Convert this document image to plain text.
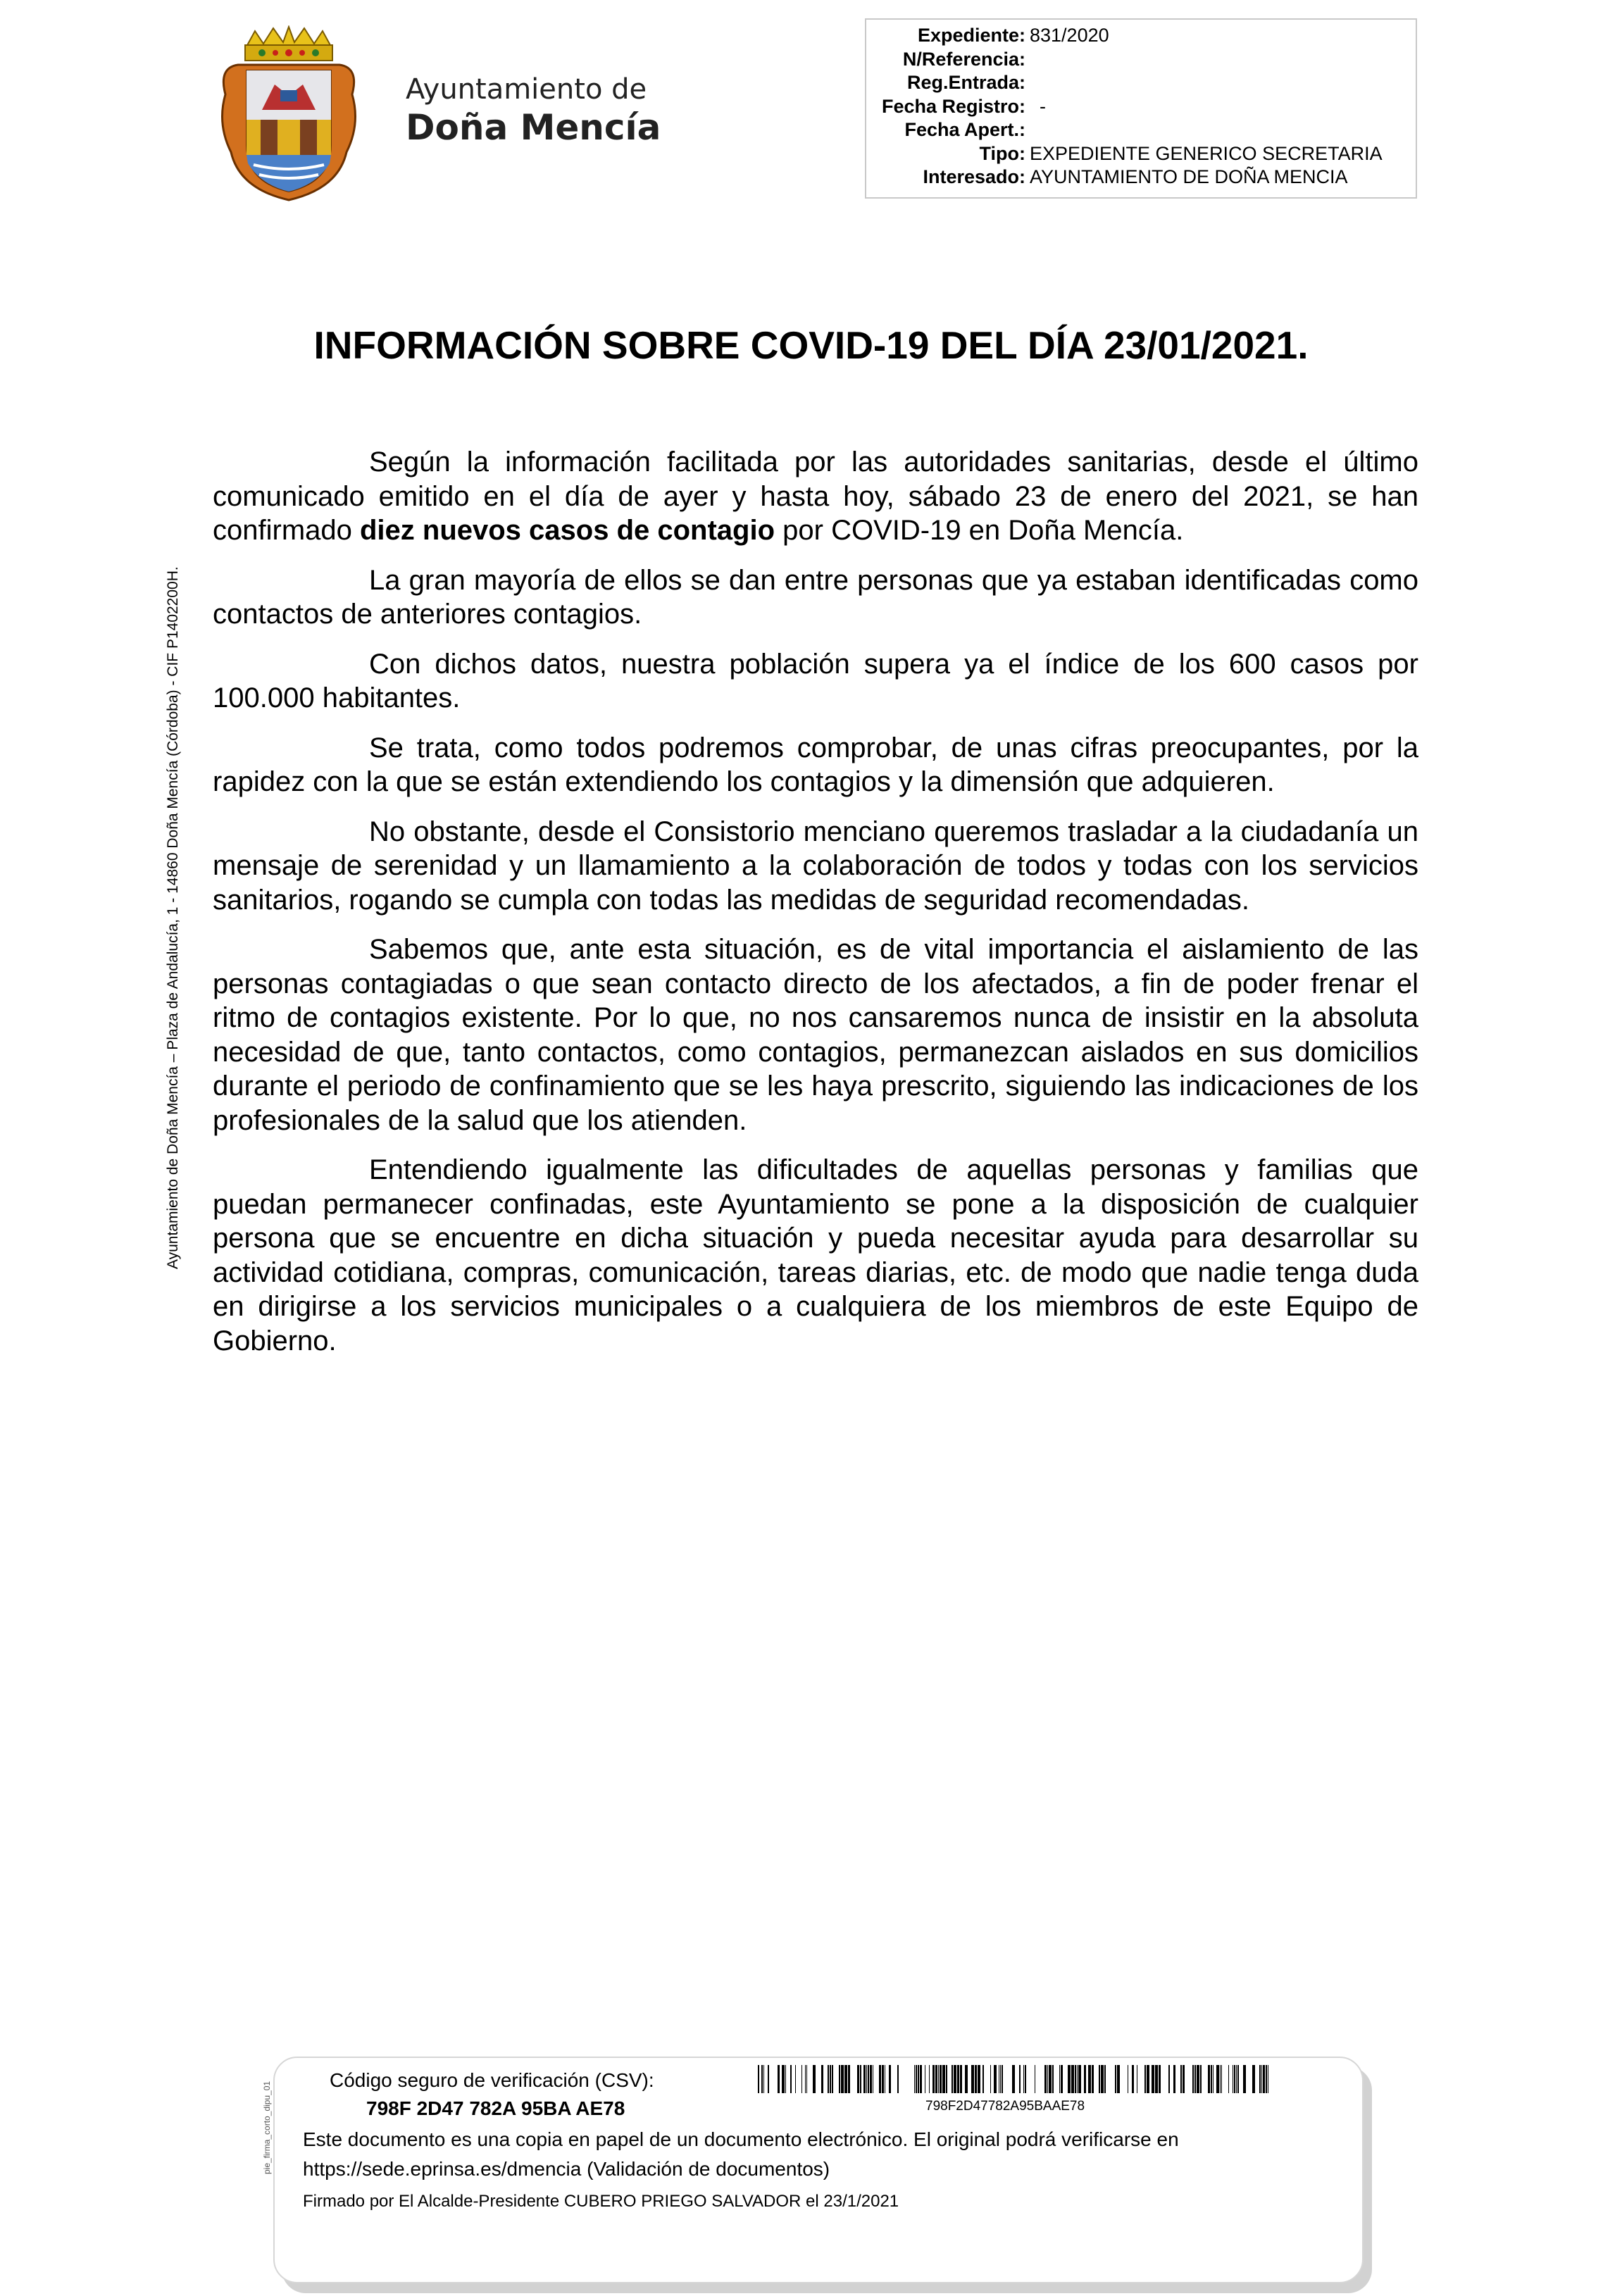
Ayuntamiento de
Doña Mencía
Expediente: 831/2020
N/Referencia:
Reg.Entrada:
Fecha Registro: -
Fecha Apert.:
Tipo: EXPEDIENTE GENERICO SECRETARIA
Interesado: AYUNTAMIENTO DE DOÑA MENCIA
INFORMACIÓN SOBRE COVID-19 DEL DÍA 23/01/2021.

Según la información facilitada por las autoridades sanitarias, desde el último comunicado emitido en el día de ayer y hasta hoy, sábado 23 de enero del 2021, se han confirmado diez nuevos casos de contagio por COVID-19 en Doña Mencía.

La gran mayoría de ellos se dan entre personas que ya estaban identificadas como contactos de anteriores contagios.

Con dichos datos, nuestra población supera ya el índice de los 600 casos por 100.000 habitantes.

Se trata, como todos podremos comprobar, de unas cifras preocupantes, por la rapidez con la que se están extendiendo los contagios y la dimensión que adquieren.

No obstante, desde el Consistorio menciano queremos trasladar a la ciudadanía un mensaje de serenidad y un llamamiento a la colaboración de todos y todas con los servicios sanitarios, rogando se cumpla con todas las medidas de seguridad recomendadas.

Sabemos que, ante esta situación, es de vital importancia el aislamiento de las personas contagiadas o que sean contacto directo de los afectados, a fin de poder frenar el ritmo de contagios existente. Por lo que, no nos cansaremos nunca de insistir en la absoluta necesidad de que, tanto contactos, como contagios, permanezcan aislados en sus domicilios durante el periodo de confinamiento que se les haya prescrito, siguiendo las indicaciones de los profesionales de la salud que los atienden.

Entendiendo igualmente las dificultades de aquellas personas y familias que puedan permanecer confinadas, este Ayuntamiento se pone a la disposición de cualquier persona que se encuentre en dicha situación y pueda necesitar ayuda para desarrollar su actividad cotidiana, compras, comunicación, tareas diarias, etc. de modo que nadie tenga duda en dirigirse a los servicios municipales o a cualquiera de los miembros de este Equipo de Gobierno.

Ayuntamiento de Doña Mencía – Plaza de Andalucía, 1 - 14860 Doña Mencía (Córdoba) - CIF P1402200H.
pie_firma_corto_dipu_01
Código seguro de verificación (CSV):
798F 2D47 782A 95BA AE78	798F2D47782A95BAAE78
Este documento es una copia en papel de un documento electrónico. El original podrá verificarse en
https://sede.eprinsa.es/dmencia (Validación de documentos)
Firmado por El Alcalde-Presidente CUBERO PRIEGO SALVADOR el 23/1/2021
